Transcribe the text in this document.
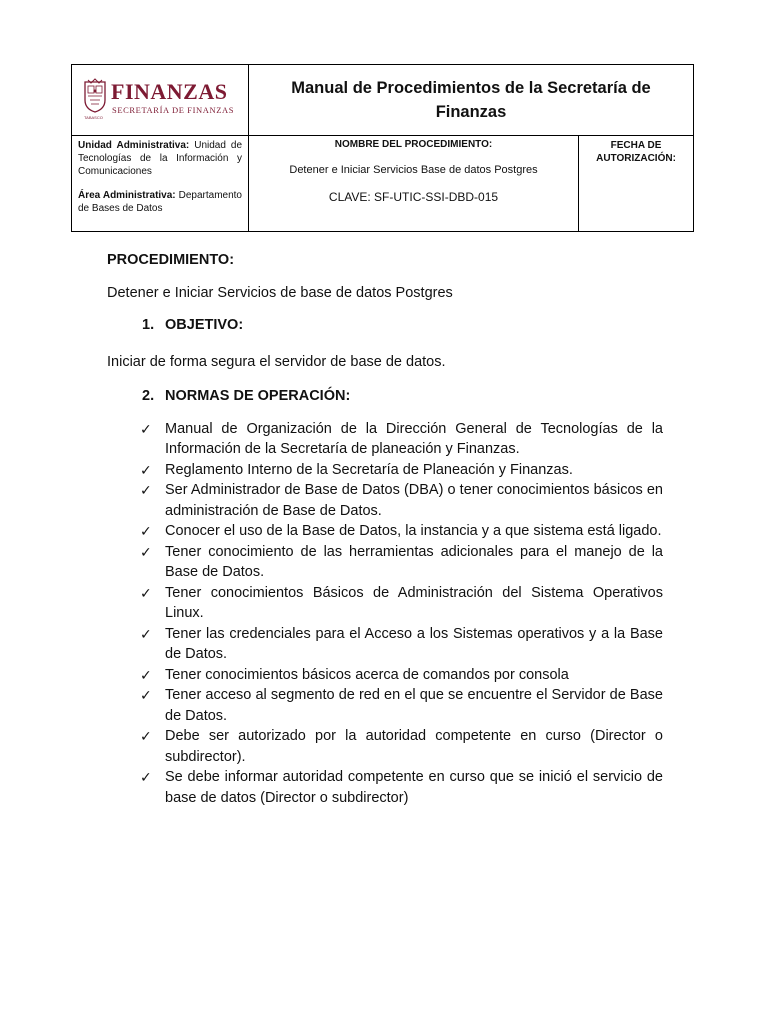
TABASCO
FINANZAS
SECRETARÍA DE FINANZAS
Manual de Procedimientos de la Secretaría de Finanzas
Unidad Administrativa: Unidad de Tecnologías de la Información y Comunicaciones
Área Administrativa: Departamento de Bases de Datos
NOMBRE DEL PROCEDIMIENTO:
Detener e Iniciar Servicios Base de datos Postgres
CLAVE: SF-UTIC-SSI-DBD-015
FECHA DE AUTORIZACIÓN:
PROCEDIMIENTO:
Detener e Iniciar Servicios de base de datos Postgres
1. OBJETIVO:
Iniciar de forma segura el servidor de base de datos.
2. NORMAS DE OPERACIÓN:
✓ Manual de Organización de la Dirección General de Tecnologías de la Información de la Secretaría de planeación y Finanzas.
✓ Reglamento Interno de la Secretaría de Planeación y Finanzas.
✓ Ser Administrador de Base de Datos (DBA) o tener conocimientos básicos en administración de Base de Datos.
✓ Conocer el uso de la Base de Datos, la instancia y a que sistema está ligado.
✓ Tener conocimiento de las herramientas adicionales para el manejo de la Base de Datos.
✓ Tener conocimientos Básicos de Administración del Sistema Operativos Linux.
✓ Tener las credenciales para el Acceso a los Sistemas operativos y a la Base de Datos.
✓ Tener conocimientos básicos acerca de comandos por consola
✓ Tener acceso al segmento de red en el que se encuentre el Servidor de Base de Datos.
✓ Debe ser autorizado por la autoridad competente en curso (Director o subdirector).
✓ Se debe informar autoridad competente en curso que se inició el servicio de base de datos (Director o subdirector)
